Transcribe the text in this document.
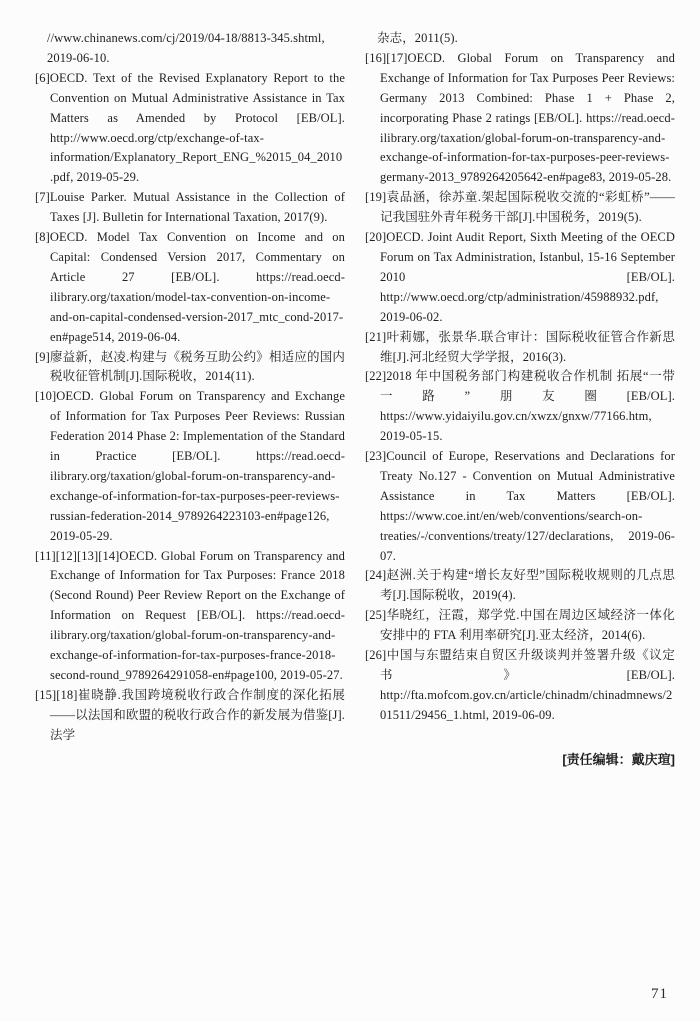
//www.chinanews.com/cj/2019/04-18/8813-345.shtml, 2019-06-10.

[6]OECD. Text of the Revised Explanatory Report to the Convention on Mutual Administrative Assistance in Tax Matters as Amended by Protocol [EB/OL]. http://www.oecd.org/ctp/exchange-of-tax-information/Explanatory_Report_ENG_%2015_04_2010.pdf, 2019-05-29.

[7]Louise Parker. Mutual Assistance in the Collection of Taxes [J]. Bulletin for International Taxation, 2017(9).

[8]OECD. Model Tax Convention on Income and on Capital: Condensed Version 2017, Commentary on Article 27 [EB/OL]. https://read.oecd-ilibrary.org/taxation/model-tax-convention-on-income-and-on-capital-condensed-version-2017_mtc_cond-2017-en#page514, 2019-06-04.

[9]廖益新，赵凌.构建与《税务互助公约》相适应的国内税收征管机制[J].国际税收，2014(11).

[10]OECD. Global Forum on Transparency and Exchange of Information for Tax Purposes Peer Reviews: Russian Federation 2014 Phase 2: Implementation of the Standard in Practice [EB/OL]. https://read.oecd-ilibrary.org/taxation/global-forum-on-transparency-and-exchange-of-information-for-tax-purposes-peer-reviews-russian-federation-2014_9789264223103-en#page126, 2019-05-29.

[11][12][13][14]OECD. Global Forum on Transparency and Exchange of Information for Tax Purposes: France 2018 (Second Round) Peer Review Report on the Exchange of Information on Request [EB/OL]. https://read.oecd-ilibrary.org/taxation/global-forum-on-transparency-and-exchange-of-information-for-tax-purposes-france-2018-second-round_9789264291058-en#page100, 2019-05-27.

[15][18]崔晓静.我国跨境税收行政合作制度的深化拓展——以法国和欧盟的税收行政合作的新发展为借鉴[J].法学

杂志，2011(5).

[16][17]OECD. Global Forum on Transparency and Exchange of Information for Tax Purposes Peer Reviews: Germany 2013 Combined: Phase 1 + Phase 2, incorporating Phase 2 ratings [EB/OL]. https://read.oecd-ilibrary.org/taxation/global-forum-on-transparency-and-exchange-of-information-for-tax-purposes-peer-reviews-germany-2013_9789264205642-en#page83, 2019-05-28.

[19]袁品涵，徐苏童.架起国际税收交流的“彩虹桥”——记我国驻外青年税务干部[J].中国税务，2019(5).

[20]OECD. Joint Audit Report, Sixth Meeting of the OECD Forum on Tax Administration, Istanbul, 15-16 September 2010 [EB/OL]. http://www.oecd.org/ctp/administration/45988932.pdf, 2019-06-02.

[21]叶莉娜，张景华.联合审计：国际税收征管合作新思维[J].河北经贸大学学报，2016(3).

[22]2018 年中国税务部门构建税收合作机制 拓展“一带一路”朋友圈[EB/OL]. https://www.yidaiyilu.gov.cn/xwzx/gnxw/77166.htm, 2019-05-15.

[23]Council of Europe, Reservations and Declarations for Treaty No.127 - Convention on Mutual Administrative Assistance in Tax Matters [EB/OL]. https://www.coe.int/en/web/conventions/search-on-treaties/-/conventions/treaty/127/declarations, 2019-06-07.

[24]赵洲.关于构建“增长友好型”国际税收规则的几点思考[J].国际税收，2019(4).

[25]华晓红，汪霞，郑学党.中国在周边区域经济一体化安排中的 FTA 利用率研究[J].亚太经济，2014(6).

[26]中国与东盟结束自贸区升级谈判并签署升级《议定书》[EB/OL]. http://fta.mofcom.gov.cn/article/chinadm/chinadmnews/201511/29456_1.html, 2019-06-09.

[责任编辑：戴庆瑄]

71
